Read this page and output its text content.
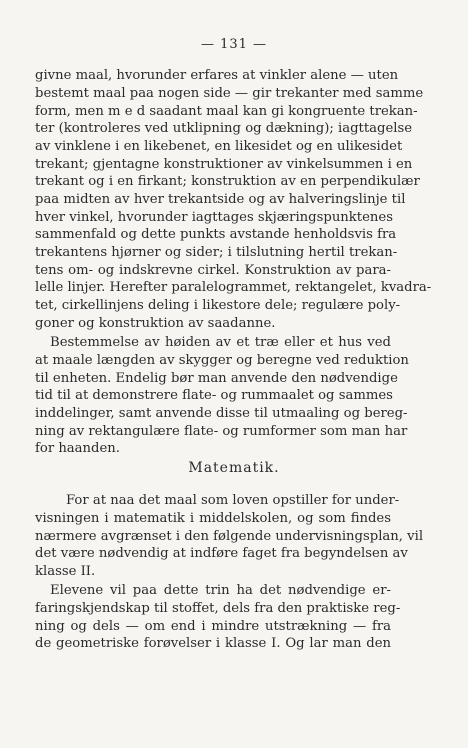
— 131 —
givne maal, hvorunder erfares at vinkler alene — uten
bestemt maal paa nogen side — gir trekanter med samme
form, men m e d saadant maal kan gi kongruente trekan-
ter (kontroleres ved utklipning og dækning); iagttagelse
av vinklene i en likebenet, en likesidet og en ulikesidet
trekant; gjentagne konstruktioner av vinkelsummen i en
trekant og i en firkant; konstruktion av en perpendikulær
paa midten av hver trekantside og av halveringslinje til
hver vinkel, hvorunder iagttages skjæringspunktenes
sammenfald og dette punkts avstande henholdsvis fra
trekantens hjørner og sider; i tilslutning hertil trekan-
tens om- og indskrevne cirkel. Konstruktion av para-
lelle linjer. Herefter paralelogrammet, rektangelet, kvadra-
tet, cirkellinjens deling i likestore dele; regulære poly-
goner og konstruktion av saadanne.
Bestemmelse av høiden av et træ eller et hus ved
at maale længden av skygger og beregne ved reduktion
til enheten. Endelig bør man anvende den nødvendige
tid til at demonstrere flate- og rummaalet og sammes
inddelinger, samt anvende disse til utmaaling og bereg-
ning av rektangulære flate- og rumformer som man har
for haanden.
Matematik.
For at naa det maal som loven opstiller for under-
visningen i matematik i middelskolen, og som findes
nærmere avgrænset i den følgende undervisningsplan, vil
det være nødvendig at indføre faget fra begyndelsen av
klasse II.
Elevene vil paa dette trin ha det nødvendige er-
faringskjendskap til stoffet, dels fra den praktiske reg-
ning og dels — om end i mindre utstrækning — fra
de geometriske forøvelser i klasse I. Og lar man den
